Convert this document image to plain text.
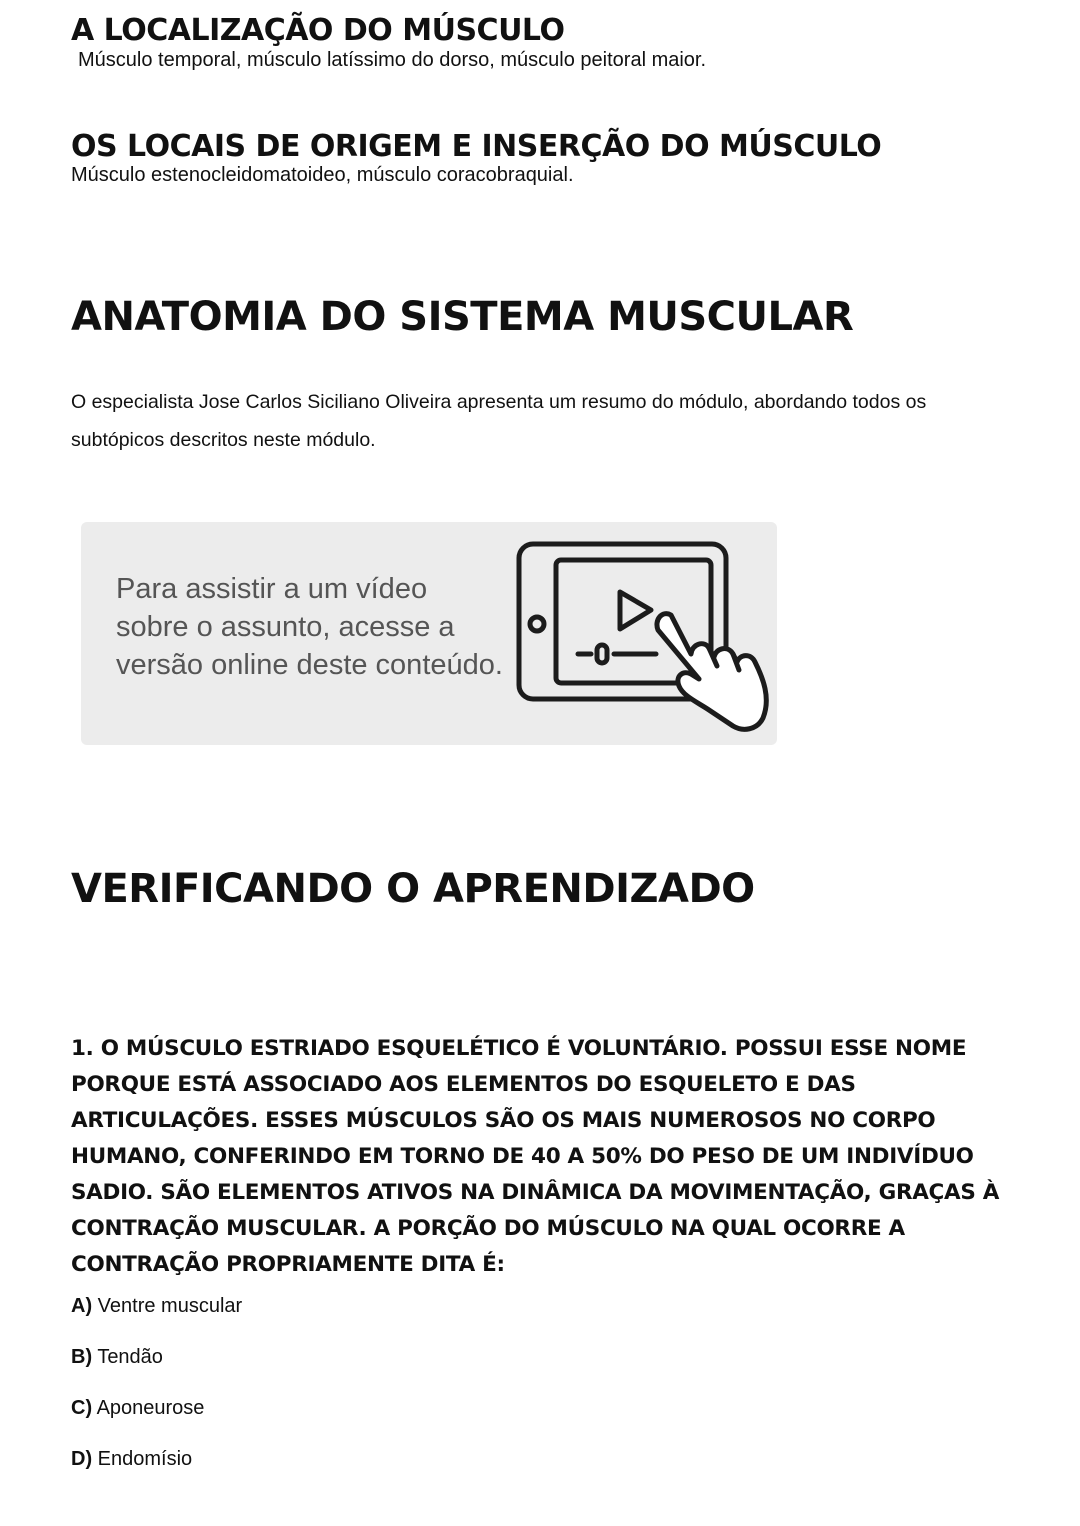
A LOCALIZAÇÃO DO MÚSCULO

Músculo temporal, músculo latíssimo do dorso, músculo peitoral maior.

OS LOCAIS DE ORIGEM E INSERÇÃO DO MÚSCULO

Músculo estenocleidomatoideo, músculo coracobraquial.

ANATOMIA DO SISTEMA MUSCULAR

O especialista Jose Carlos Siciliano Oliveira apresenta um resumo do módulo, abordando todos os subtópicos descritos neste módulo.

Para assistir a um vídeo
sobre o assunto, acesse a
versão online deste conteúdo.
VERIFICANDO O APRENDIZADO

1. O MÚSCULO ESTRIADO ESQUELÉTICO É VOLUNTÁRIO. POSSUI ESSE NOME PORQUE ESTÁ ASSOCIADO AOS ELEMENTOS DO ESQUELETO E DAS ARTICULAÇÕES. ESSES MÚSCULOS SÃO OS MAIS NUMEROSOS NO CORPO HUMANO, CONFERINDO EM TORNO DE 40 A 50% DO PESO DE UM INDIVÍDUO SADIO. SÃO ELEMENTOS ATIVOS NA DINÂMICA DA MOVIMENTAÇÃO, GRAÇAS À CONTRAÇÃO MUSCULAR. A PORÇÃO DO MÚSCULO NA QUAL OCORRE A CONTRAÇÃO PROPRIAMENTE DITA É:

A) Ventre muscular
B) Tendão
C) Aponeurose
D) Endomísio
